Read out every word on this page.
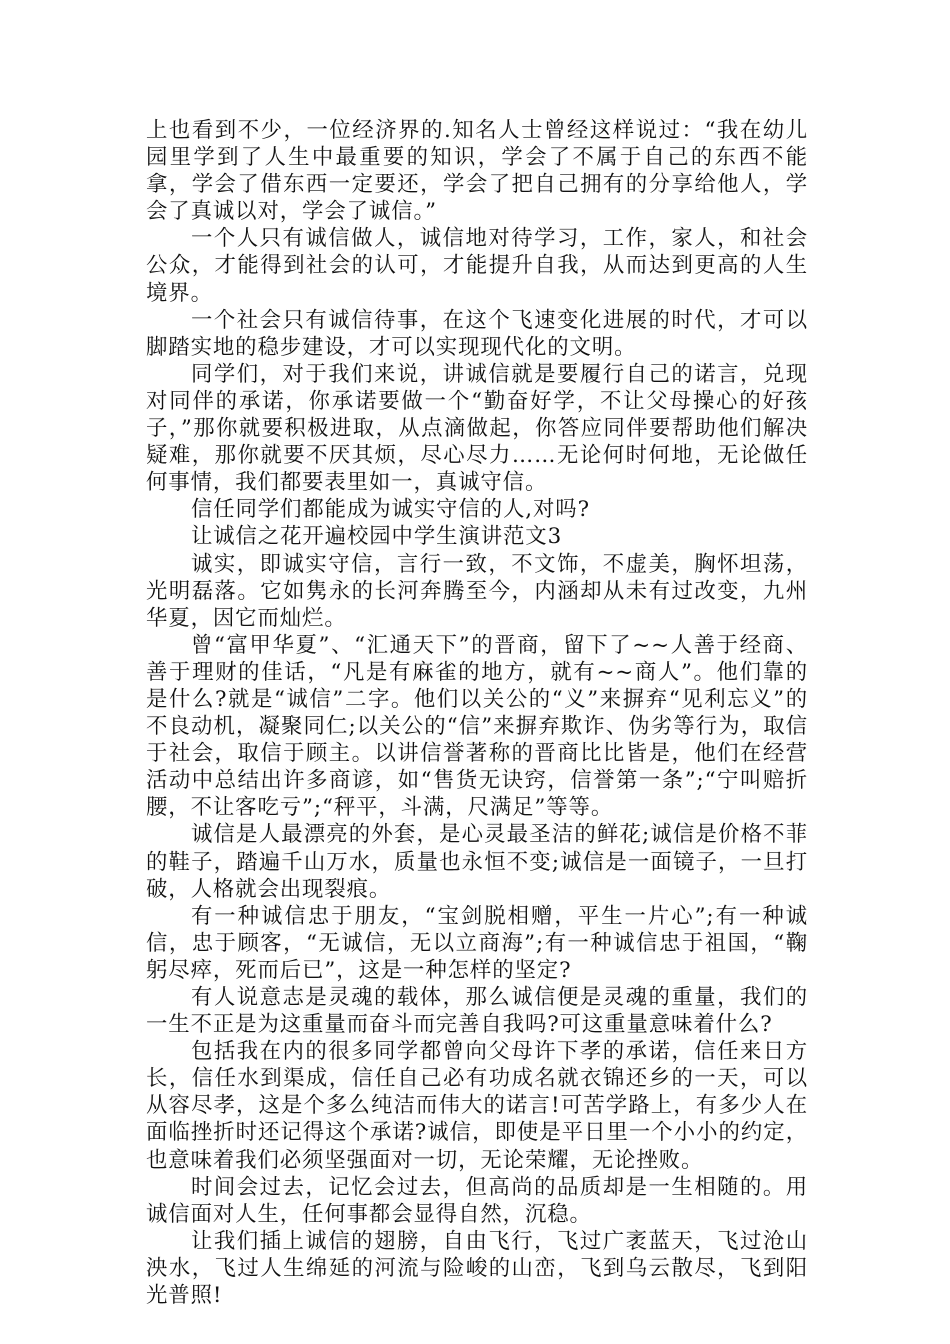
上也看到不少，一位经济界的.知名人士曾经这样说过：“我在幼儿园里学到了人生中最重要的知识，学会了不属于自己的东西不能拿，学会了借东西一定要还，学会了把自己拥有的分享给他人，学会了真诚以对，学会了诚信。”

一个人只有诚信做人，诚信地对待学习，工作，家人，和社会公众，才能得到社会的认可，才能提升自我，从而达到更高的人生境界。

一个社会只有诚信待事，在这个飞速变化进展的时代，才可以脚踏实地的稳步建设，才可以实现现代化的文明。

同学们，对于我们来说，讲诚信就是要履行自己的诺言，兑现对同伴的承诺，你承诺要做一个“勤奋好学，不让父母操心的好孩子，”那你就要积极进取，从点滴做起，你答应同伴要帮助他们解决疑难，那你就要不厌其烦，尽心尽力……无论何时何地，无论做任何事情，我们都要表里如一，真诚守信。

信任同学们都能成为诚实守信的人,对吗?

让诚信之花开遍校园中学生演讲范文3

诚实，即诚实守信，言行一致，不文饰，不虚美，胸怀坦荡，光明磊落。它如隽永的长河奔腾至今，内涵却从未有过改变，九州华夏，因它而灿烂。

曾“富甲华夏”、“汇通天下”的晋商，留下了~~人善于经商、善于理财的佳话，“凡是有麻雀的地方，就有~~商人”。他们靠的是什么?就是“诚信”二字。他们以关公的“义”来摒弃“见利忘义”的不良动机，凝聚同仁;以关公的“信”来摒弃欺诈、伪劣等行为，取信于社会，取信于顾主。以讲信誉著称的晋商比比皆是，他们在经营活动中总结出许多商谚，如“售货无诀窍，信誉第一条”;“宁叫赔折腰，不让客吃亏”;“秤平，斗满，尺满足”等等。

诚信是人最漂亮的外套，是心灵最圣洁的鲜花;诚信是价格不菲的鞋子，踏遍千山万水，质量也永恒不变;诚信是一面镜子，一旦打破，人格就会出现裂痕。

有一种诚信忠于朋友，“宝剑脱相赠，平生一片心”;有一种诚信，忠于顾客，“无诚信，无以立商海”;有一种诚信忠于祖国，“鞠躬尽瘁，死而后已”，这是一种怎样的坚定?

有人说意志是灵魂的载体，那么诚信便是灵魂的重量，我们的一生不正是为这重量而奋斗而完善自我吗?可这重量意味着什么?

包括我在内的很多同学都曾向父母许下孝的承诺，信任来日方长，信任水到渠成，信任自己必有功成名就衣锦还乡的一天，可以从容尽孝，这是个多么纯洁而伟大的诺言!可苦学路上，有多少人在面临挫折时还记得这个承诺?诚信，即使是平日里一个小小的约定，也意味着我们必须坚强面对一切，无论荣耀，无论挫败。

时间会过去，记忆会过去，但高尚的品质却是一生相随的。用诚信面对人生，任何事都会显得自然，沉稳。

让我们插上诚信的翅膀，自由飞行，飞过广袤蓝天，飞过沧山泱水，飞过人生绵延的河流与险峻的山峦，飞到乌云散尽，飞到阳光普照!
